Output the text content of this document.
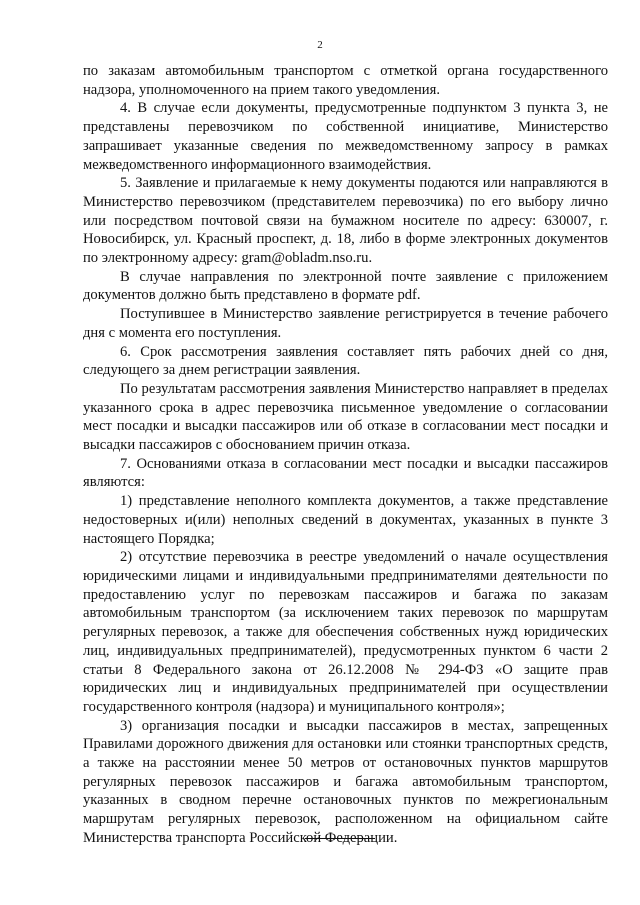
2

по заказам автомобильным транспортом с отметкой органа государственного надзора, уполномоченного на прием такого уведомления.

4. В случае если документы, предусмотренные подпунктом 3 пункта 3, не представлены перевозчиком по собственной инициативе, Министерство запрашивает указанные сведения по межведомственному запросу в рамках межведомственного информационного взаимодействия.

5. Заявление и прилагаемые к нему документы подаются или направляются в Министерство перевозчиком (представителем перевозчика) по его выбору лично или посредством почтовой связи на бумажном носителе по адресу: 630007, г. Новосибирск, ул. Красный проспект, д. 18, либо в форме электронных документов по электронному адресу: gram@obladm.nso.ru.

В случае направления по электронной почте заявление с приложением документов должно быть представлено в формате pdf.

Поступившее в Министерство заявление регистрируется в течение рабочего дня с момента его поступления.

6. Срок рассмотрения заявления составляет пять рабочих дней со дня, следующего за днем регистрации заявления.

По результатам рассмотрения заявления Министерство направляет в пределах указанного срока в адрес перевозчика письменное уведомление о согласовании мест посадки и высадки пассажиров или об отказе в согласовании мест посадки и высадки пассажиров с обоснованием причин отказа.

7. Основаниями отказа в согласовании мест посадки и высадки пассажиров являются:

1) представление неполного комплекта документов, а также представление недостоверных и(или) неполных сведений в документах, указанных в пункте 3 настоящего Порядка;

2) отсутствие перевозчика в реестре уведомлений о начале осуществления юридическими лицами и индивидуальными предпринимателями деятельности по предоставлению услуг по перевозкам пассажиров и багажа по заказам автомобильным транспортом (за исключением таких перевозок по маршрутам регулярных перевозок, а также для обеспечения собственных нужд юридических лиц, индивидуальных предпринимателей), предусмотренных пунктом 6 части 2 статьи 8 Федерального закона от 26.12.2008 № 294-ФЗ «О защите прав юридических лиц и индивидуальных предпринимателей при осуществлении государственного контроля (надзора) и муниципального контроля»;

3) организация посадки и высадки пассажиров в местах, запрещенных Правилами дорожного движения для остановки или стоянки транспортных средств, а также на расстоянии менее 50 метров от остановочных пунктов маршрутов регулярных перевозок пассажиров и багажа автомобильным транспортом, указанных в сводном перечне остановочных пунктов по межрегиональным маршрутам регулярных перевозок, расположенном на официальном сайте Министерства транспорта Российской Федерации.
